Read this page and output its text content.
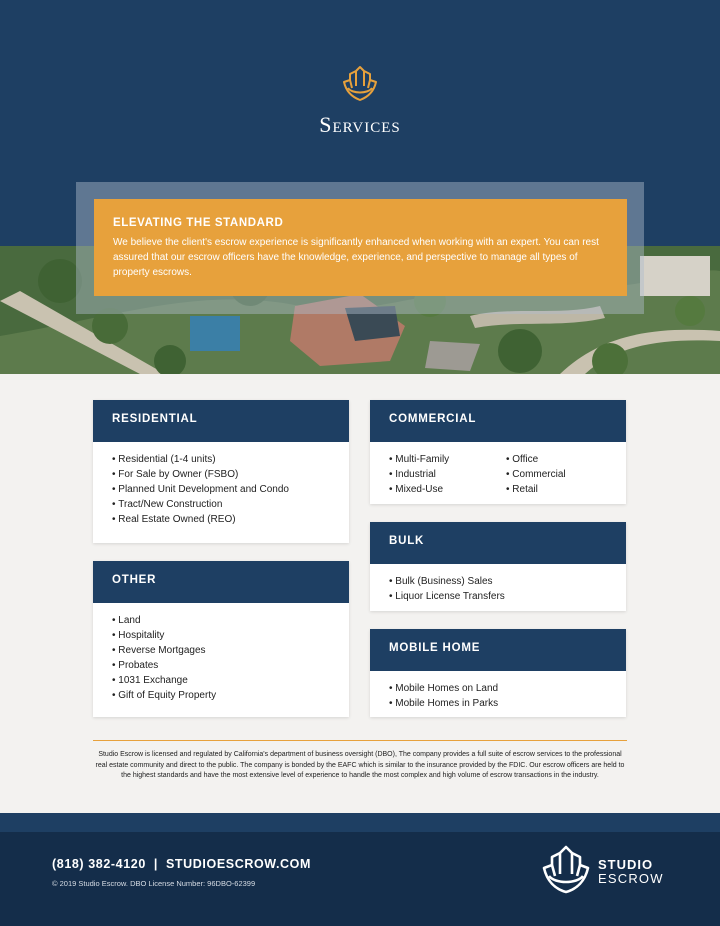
Services
ELEVATING THE STANDARD

We believe the client's escrow experience is significantly enhanced when working with an expert. You can rest assured that our escrow officers have the knowledge, experience, and perspective to manage all types of property escrows.

RESIDENTIAL
• Residential (1-4 units)
• For Sale by Owner (FSBO)
• Planned Unit Development and Condo
• Tract/New Construction
• Real Estate Owned (REO)
COMMERCIAL
• Multi-Family
• Industrial
• Mixed-Use
• Office
• Commercial
• Retail
BULK
• Bulk (Business) Sales
• Liquor License Transfers
OTHER
• Land
• Hospitality
• Reverse Mortgages
• Probates
• 1031 Exchange
• Gift of Equity Property
MOBILE HOME
• Mobile Homes on Land
• Mobile Homes in Parks
Studio Escrow is licensed and regulated by California's department of business oversight (DBO), The company provides a full suite of escrow services to the professional real estate community and direct to the public. The company is bonded by the EAFC which is similar to the insurance provided by the FDIC. Our escrow officers are held to the highest standards and have the most extensive level of experience to handle the most complex and high volume of escrow transactions in the industry.
(818) 382-4120 | STUDIOESCROW.COM
© 2019 Studio Escrow. DBO License Number: 96DBO-62399
STUDIO
ESCROW
